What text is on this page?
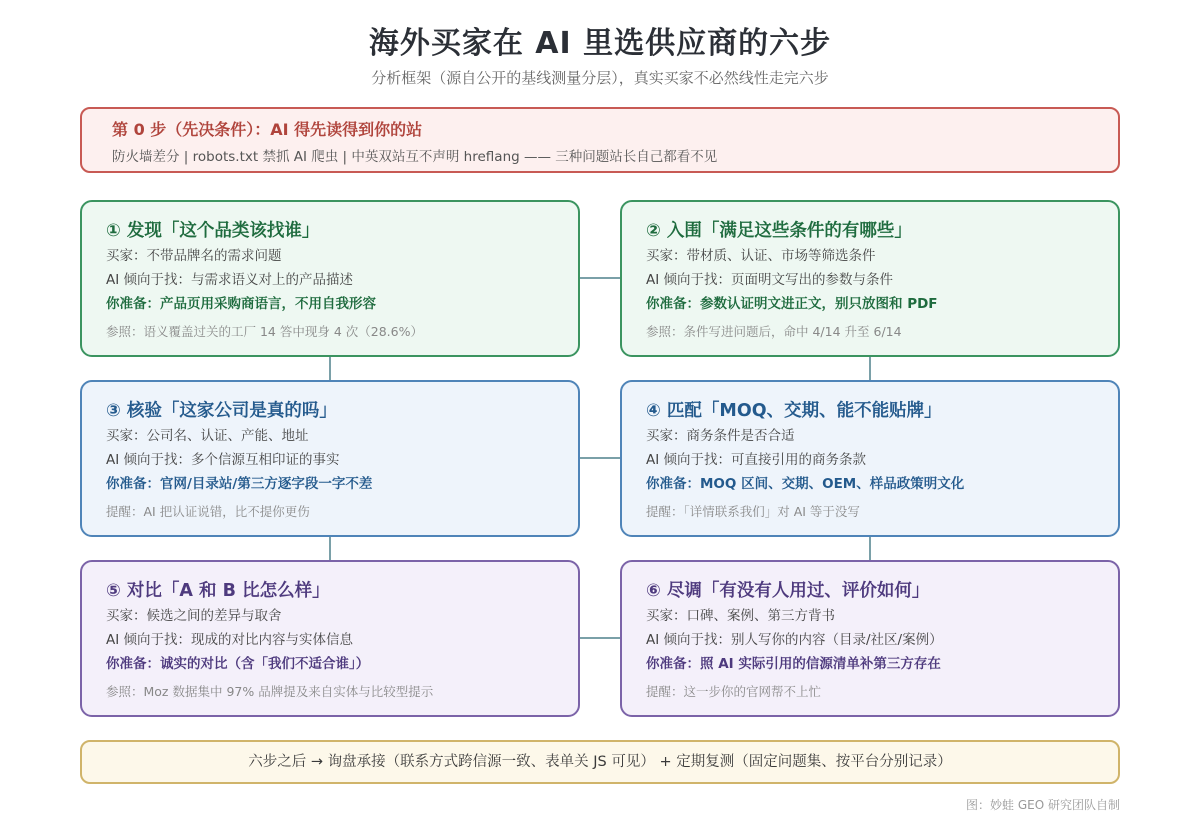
海外买家在 AI 里选供应商的六步
分析框架（源自公开的基线测量分层），真实买家不必然线性走完六步
第 0 步（先决条件）：AI 得先读得到你的站
防火墙差分 | robots.txt 禁抓 AI 爬虫 | 中英双站互不声明 hreflang —— 三种问题站长自己都看不见
① 发现「这个品类该找谁」
买家：不带品牌名的需求问题
AI 倾向于找：与需求语义对上的产品描述
你准备：产品页用采购商语言，不用自我形容
参照：语义覆盖过关的工厂 14 答中现身 4 次（28.6%）
② 入围「满足这些条件的有哪些」
买家：带材质、认证、市场等筛选条件
AI 倾向于找：页面明文写出的参数与条件
你准备：参数认证明文进正文，别只放图和 PDF
参照：条件写进问题后，命中 4/14 升至 6/14
③ 核验「这家公司是真的吗」
买家：公司名、认证、产能、地址
AI 倾向于找：多个信源互相印证的事实
你准备：官网/目录站/第三方逐字段一字不差
提醒：AI 把认证说错，比不提你更伤
④ 匹配「MOQ、交期、能不能贴牌」
买家：商务条件是否合适
AI 倾向于找：可直接引用的商务条款
你准备：MOQ 区间、交期、OEM、样品政策明文化
提醒：「详情联系我们」对 AI 等于没写
⑤ 对比「A 和 B 比怎么样」
买家：候选之间的差异与取舍
AI 倾向于找：现成的对比内容与实体信息
你准备：诚实的对比（含「我们不适合谁」）
参照：Moz 数据集中 97% 品牌提及来自实体与比较型提示
⑥ 尽调「有没有人用过、评价如何」
买家：口碑、案例、第三方背书
AI 倾向于找：别人写你的内容（目录/社区/案例）
你准备：照 AI 实际引用的信源清单补第三方存在
提醒：这一步你的官网帮不上忙
六步之后 → 询盘承接（联系方式跨信源一致、表单关 JS 可见） + 定期复测（固定问题集、按平台分别记录）
图：妙蛙 GEO 研究团队自制
